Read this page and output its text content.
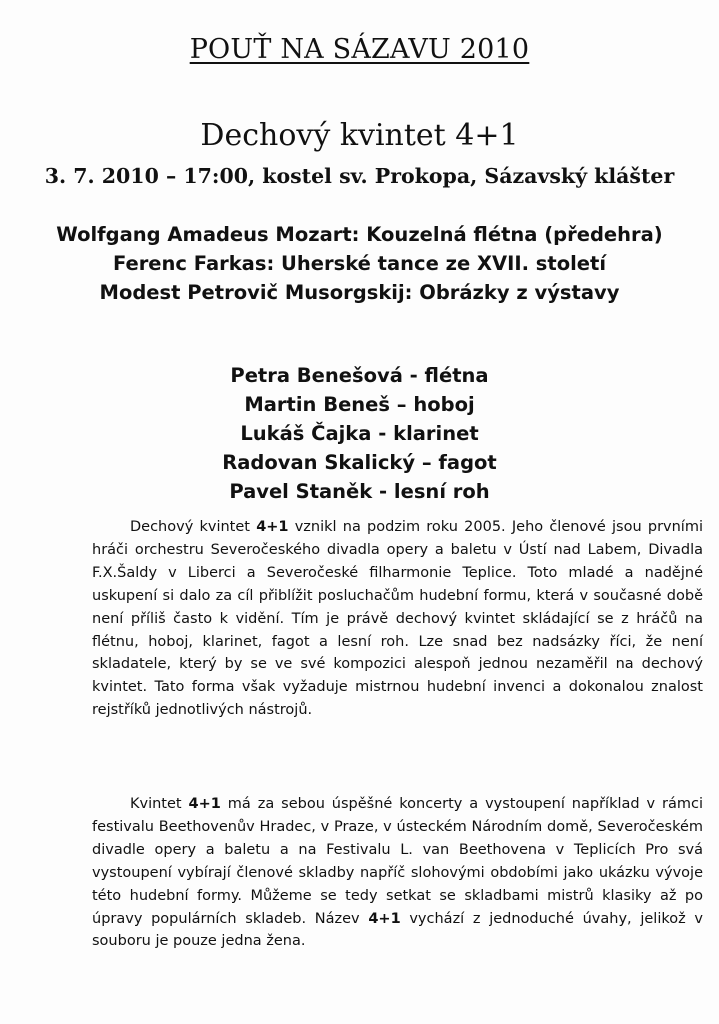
POUŤ NA SÁZAVU 2010
Dechový kvintet 4+1
3. 7. 2010 – 17:00, kostel sv. Prokopa, Sázavský klášter
Wolfgang Amadeus Mozart: Kouzelná flétna (předehra)
Ferenc Farkas: Uherské tance ze XVII. století
Modest Petrovič Musorgskij: Obrázky z výstavy
Petra Benešová - flétna
Martin Beneš – hoboj
Lukáš Čajka - klarinet
Radovan Skalický – fagot
Pavel Staněk - lesní roh
Dechový kvintet 4+1 vznikl na podzim roku 2005. Jeho členové jsou prvními hráči orchestru Severočeského divadla opery a baletu v Ústí nad Labem, Divadla F.X.Šaldy v Liberci a Severočeské filharmonie Teplice. Toto mladé a nadějné uskupení si dalo za cíl přiblížit posluchačům hudební formu, která v současné době není příliš často k vidění. Tím je právě dechový kvintet skládající se z hráčů na flétnu, hoboj, klarinet, fagot a lesní roh. Lze snad bez nadsázky říci, že není skladatele, který by se ve své kompozici alespoň jednou nezaměřil na dechový kvintet. Tato forma však vyžaduje mistrnou hudební invenci a dokonalou znalost rejstříků jednotlivých nástrojů.
Kvintet 4+1 má za sebou úspěšné koncerty a vystoupení například v rámci festivalu Beethovenův Hradec, v Praze, v ústeckém Národním domě, Severočeském divadle opery a baletu a na Festivalu L. van Beethovena v Teplicích Pro svá vystoupení vybírají členové skladby napříč slohovými obdobími jako ukázku vývoje této hudební formy. Můžeme se tedy setkat se skladbami mistrů klasiky až po úpravy populárních skladeb. Název 4+1 vychází z jednoduché úvahy, jelikož v souboru je pouze jedna žena.
